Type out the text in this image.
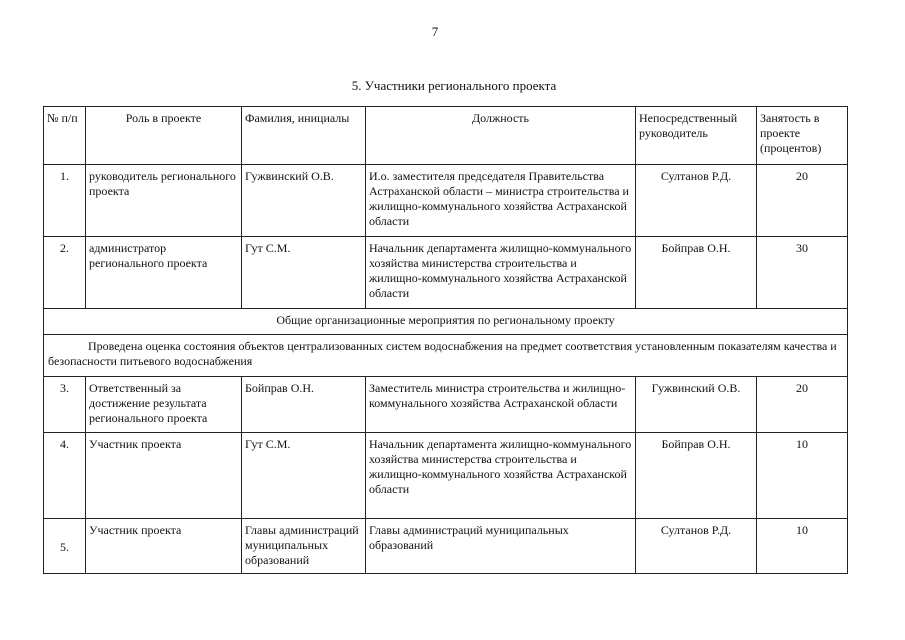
7
5. Участники регионального проекта
№ п/п	Роль в проекте	Фамилия, инициалы	Должность	Непосредственный руководитель	Занятость в проекте (процентов)
1.	руководитель регионального проекта	Гужвинский О.В.	И.о. заместителя председателя Правительства Астраханской области – министра строительства и жилищно-коммунального хозяйства Астраханской области	Султанов Р.Д.	20
2.	администратор регионального проекта	Гут С.М.	Начальник департамента жилищно-коммунального хозяйства министерства строительства и жилищно-коммунального хозяйства Астраханской области	Бойправ О.Н.	30
Общие организационные мероприятия по региональному проекту					
Проведена оценка состояния объектов централизованных систем водоснабжения на предмет соответствия установленным показателям качества и безопасности питьевого водоснабжения					
3.	Ответственный за достижение результата регионального проекта	Бойправ О.Н.	Заместитель министра строительства и жилищно-коммунального хозяйства Астраханской области	Гужвинский О.В.	20
4.	Участник проекта	Гут С.М.	Начальник департамента жилищно-коммунального хозяйства министерства строительства и жилищно-коммунального хозяйства Астраханской области	Бойправ О.Н.	10
5.	Участник проекта	Главы администраций муниципальных образований	Главы администраций муниципальных образований	Султанов Р.Д.	10
